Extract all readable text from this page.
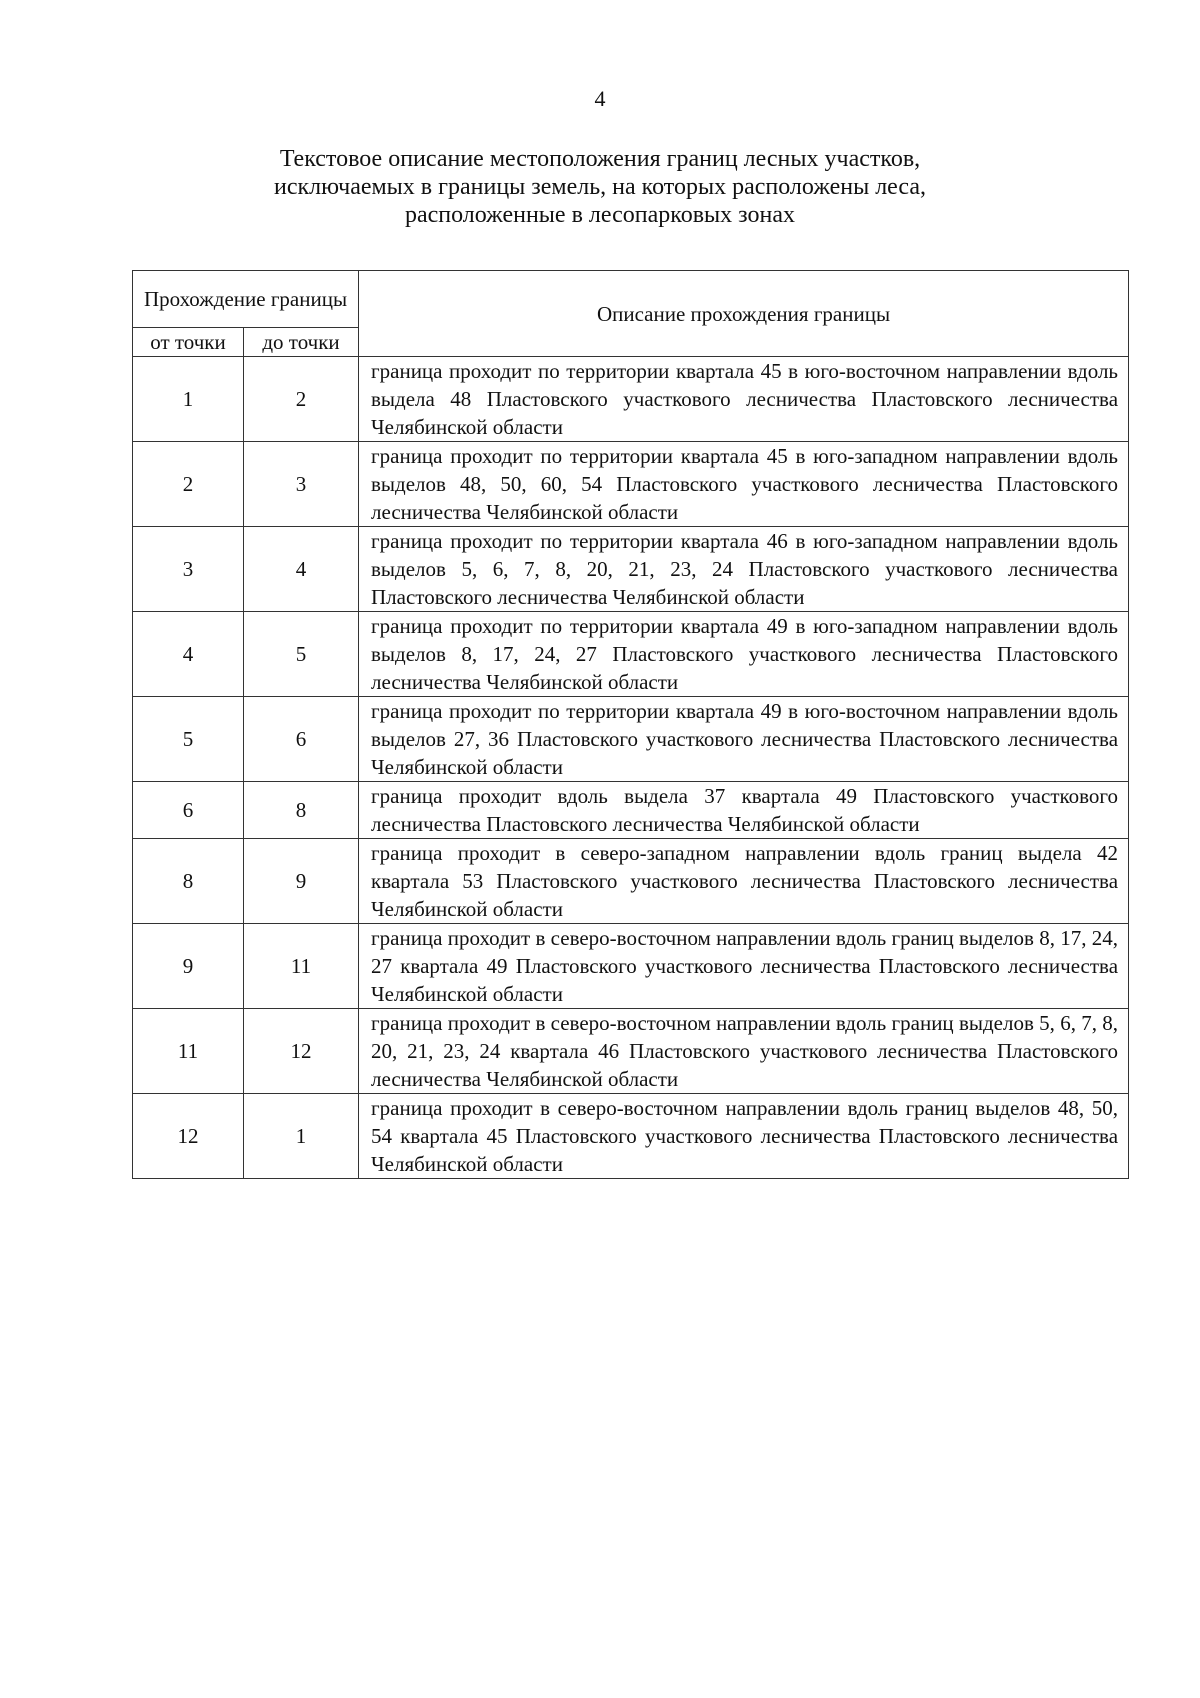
4
Текстовое описание местоположения границ лесных участков,
исключаемых в границы земель, на которых расположены леса,
расположенные в лесопарковых зонах
Прохождение границы		Описание прохождения границы
от точки	до точки	
1	2	граница проходит по территории квартала 45 в юго-восточном направлении вдоль выдела 48 Пластовского участкового лесничества Пластовского лесничества Челябинской области
2	3	граница проходит по территории квартала 45 в юго-западном направлении вдоль выделов 48, 50, 60, 54 Пластовского участкового лесничества Пластовского лесничества Челябинской области
3	4	граница проходит по территории квартала 46 в юго-западном направлении вдоль выделов 5, 6, 7, 8, 20, 21, 23, 24 Пластовского участкового лесничества Пластовского лесничества Челябинской области
4	5	граница проходит по территории квартала 49 в юго-западном направлении вдоль выделов 8, 17, 24, 27 Пластовского участкового лесничества Пластовского лесничества Челябинской области
5	6	граница проходит по территории квартала 49 в юго-восточном направлении вдоль выделов 27, 36 Пластовского участкового лесничества Пластовского лесничества Челябинской области
6	8	граница проходит вдоль выдела 37 квартала 49 Пластовского участкового лесничества Пластовского лесничества Челябинской области
8	9	граница проходит в северо-западном направлении вдоль границ выдела 42 квартала 53 Пластовского участкового лесничества Пластовского лесничества Челябинской области
9	11	граница проходит в северо-восточном направлении вдоль границ выделов 8, 17, 24, 27 квартала 49 Пластовского участкового лесничества Пластовского лесничества Челябинской области
11	12	граница проходит в северо-восточном направлении вдоль границ выделов 5, 6, 7, 8, 20, 21, 23, 24 квартала 46 Пластовского участкового лесничества Пластовского лесничества Челябинской области
12	1	граница проходит в северо-восточном направлении вдоль границ выделов 48, 50, 54 квартала 45 Пластовского участкового лесничества Пластовского лесничества Челябинской области
